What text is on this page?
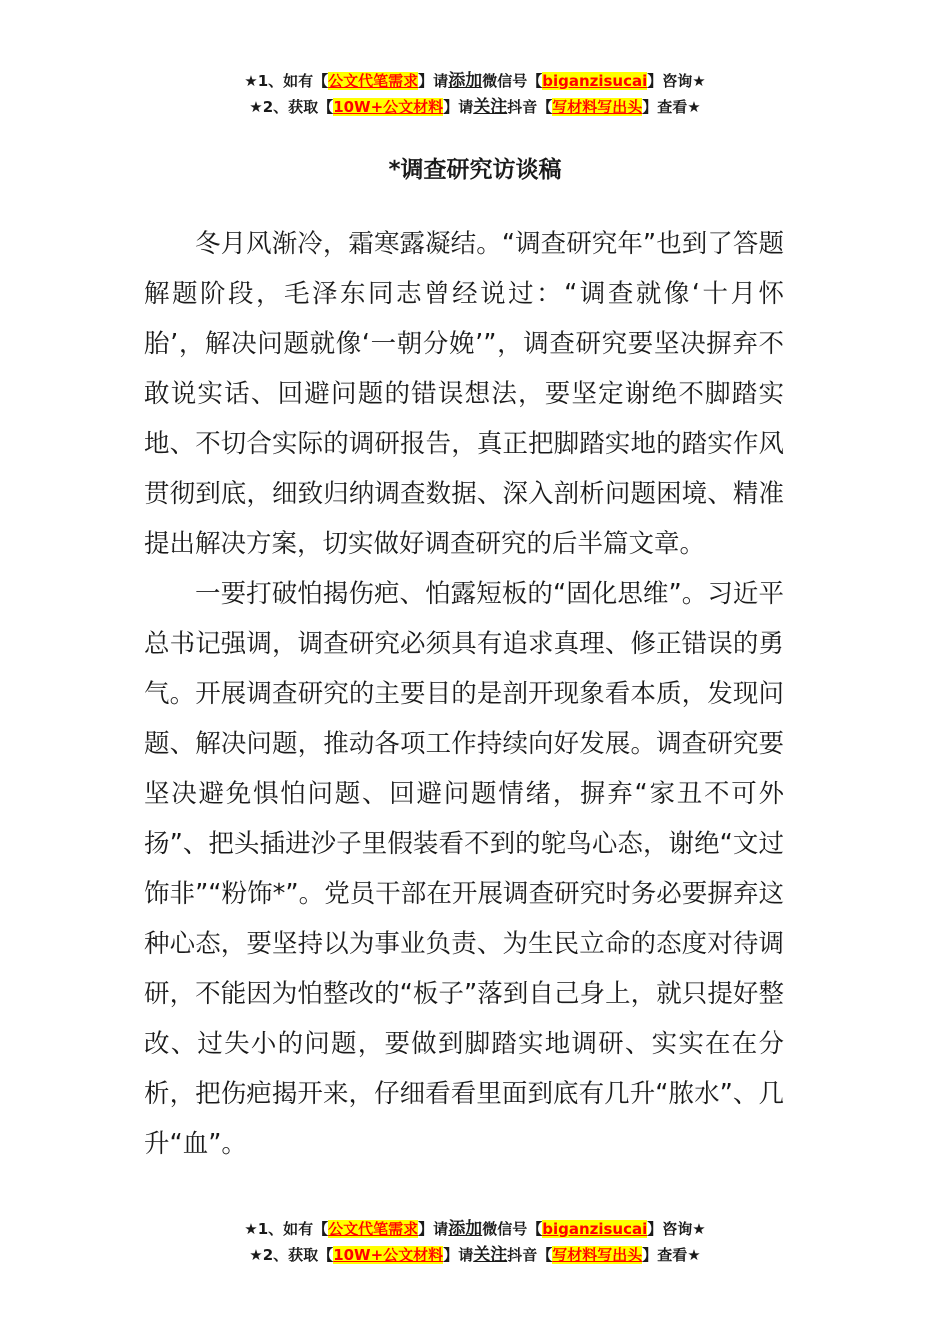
★1、如有【公文代笔需求】请添加微信号【biganzisucai】咨询★
★2、获取【10W+公文材料】请关注抖音【写材料写出头】查看★
*调查研究访谈稿

冬月风渐冷，霜寒露凝结。“调查研究年”也到了答题解题阶段，毛泽东同志曾经说过：“调查就像‘十月怀胎’，解决问题就像‘一朝分娩’”，调查研究要坚决摒弃不敢说实话、回避问题的错误想法，要坚定谢绝不脚踏实地、不切合实际的调研报告，真正把脚踏实地的踏实作风贯彻到底，细致归纳调查数据、深入剖析问题困境、精准提出解决方案，切实做好调查研究的后半篇文章。

一要打破怕揭伤疤、怕露短板的“固化思维”。习近平总书记强调，调查研究必须具有追求真理、修正错误的勇气。开展调查研究的主要目的是剖开现象看本质，发现问题、解决问题，推动各项工作持续向好发展。调查研究要坚决避免惧怕问题、回避问题情绪，摒弃“家丑不可外扬”、把头插进沙子里假装看不到的鸵鸟心态，谢绝“文过饰非”“粉饰*”。党员干部在开展调查研究时务必要摒弃这种心态，要坚持以为事业负责、为生民立命的态度对待调研，不能因为怕整改的“板子”落到自己身上，就只提好整改、过失小的问题，要做到脚踏实地调研、实实在在分析，把伤疤揭开来，仔细看看里面到底有几升“脓水”、几升“血”。

★1、如有【公文代笔需求】请添加微信号【biganzisucai】咨询★
★2、获取【10W+公文材料】请关注抖音【写材料写出头】查看★
